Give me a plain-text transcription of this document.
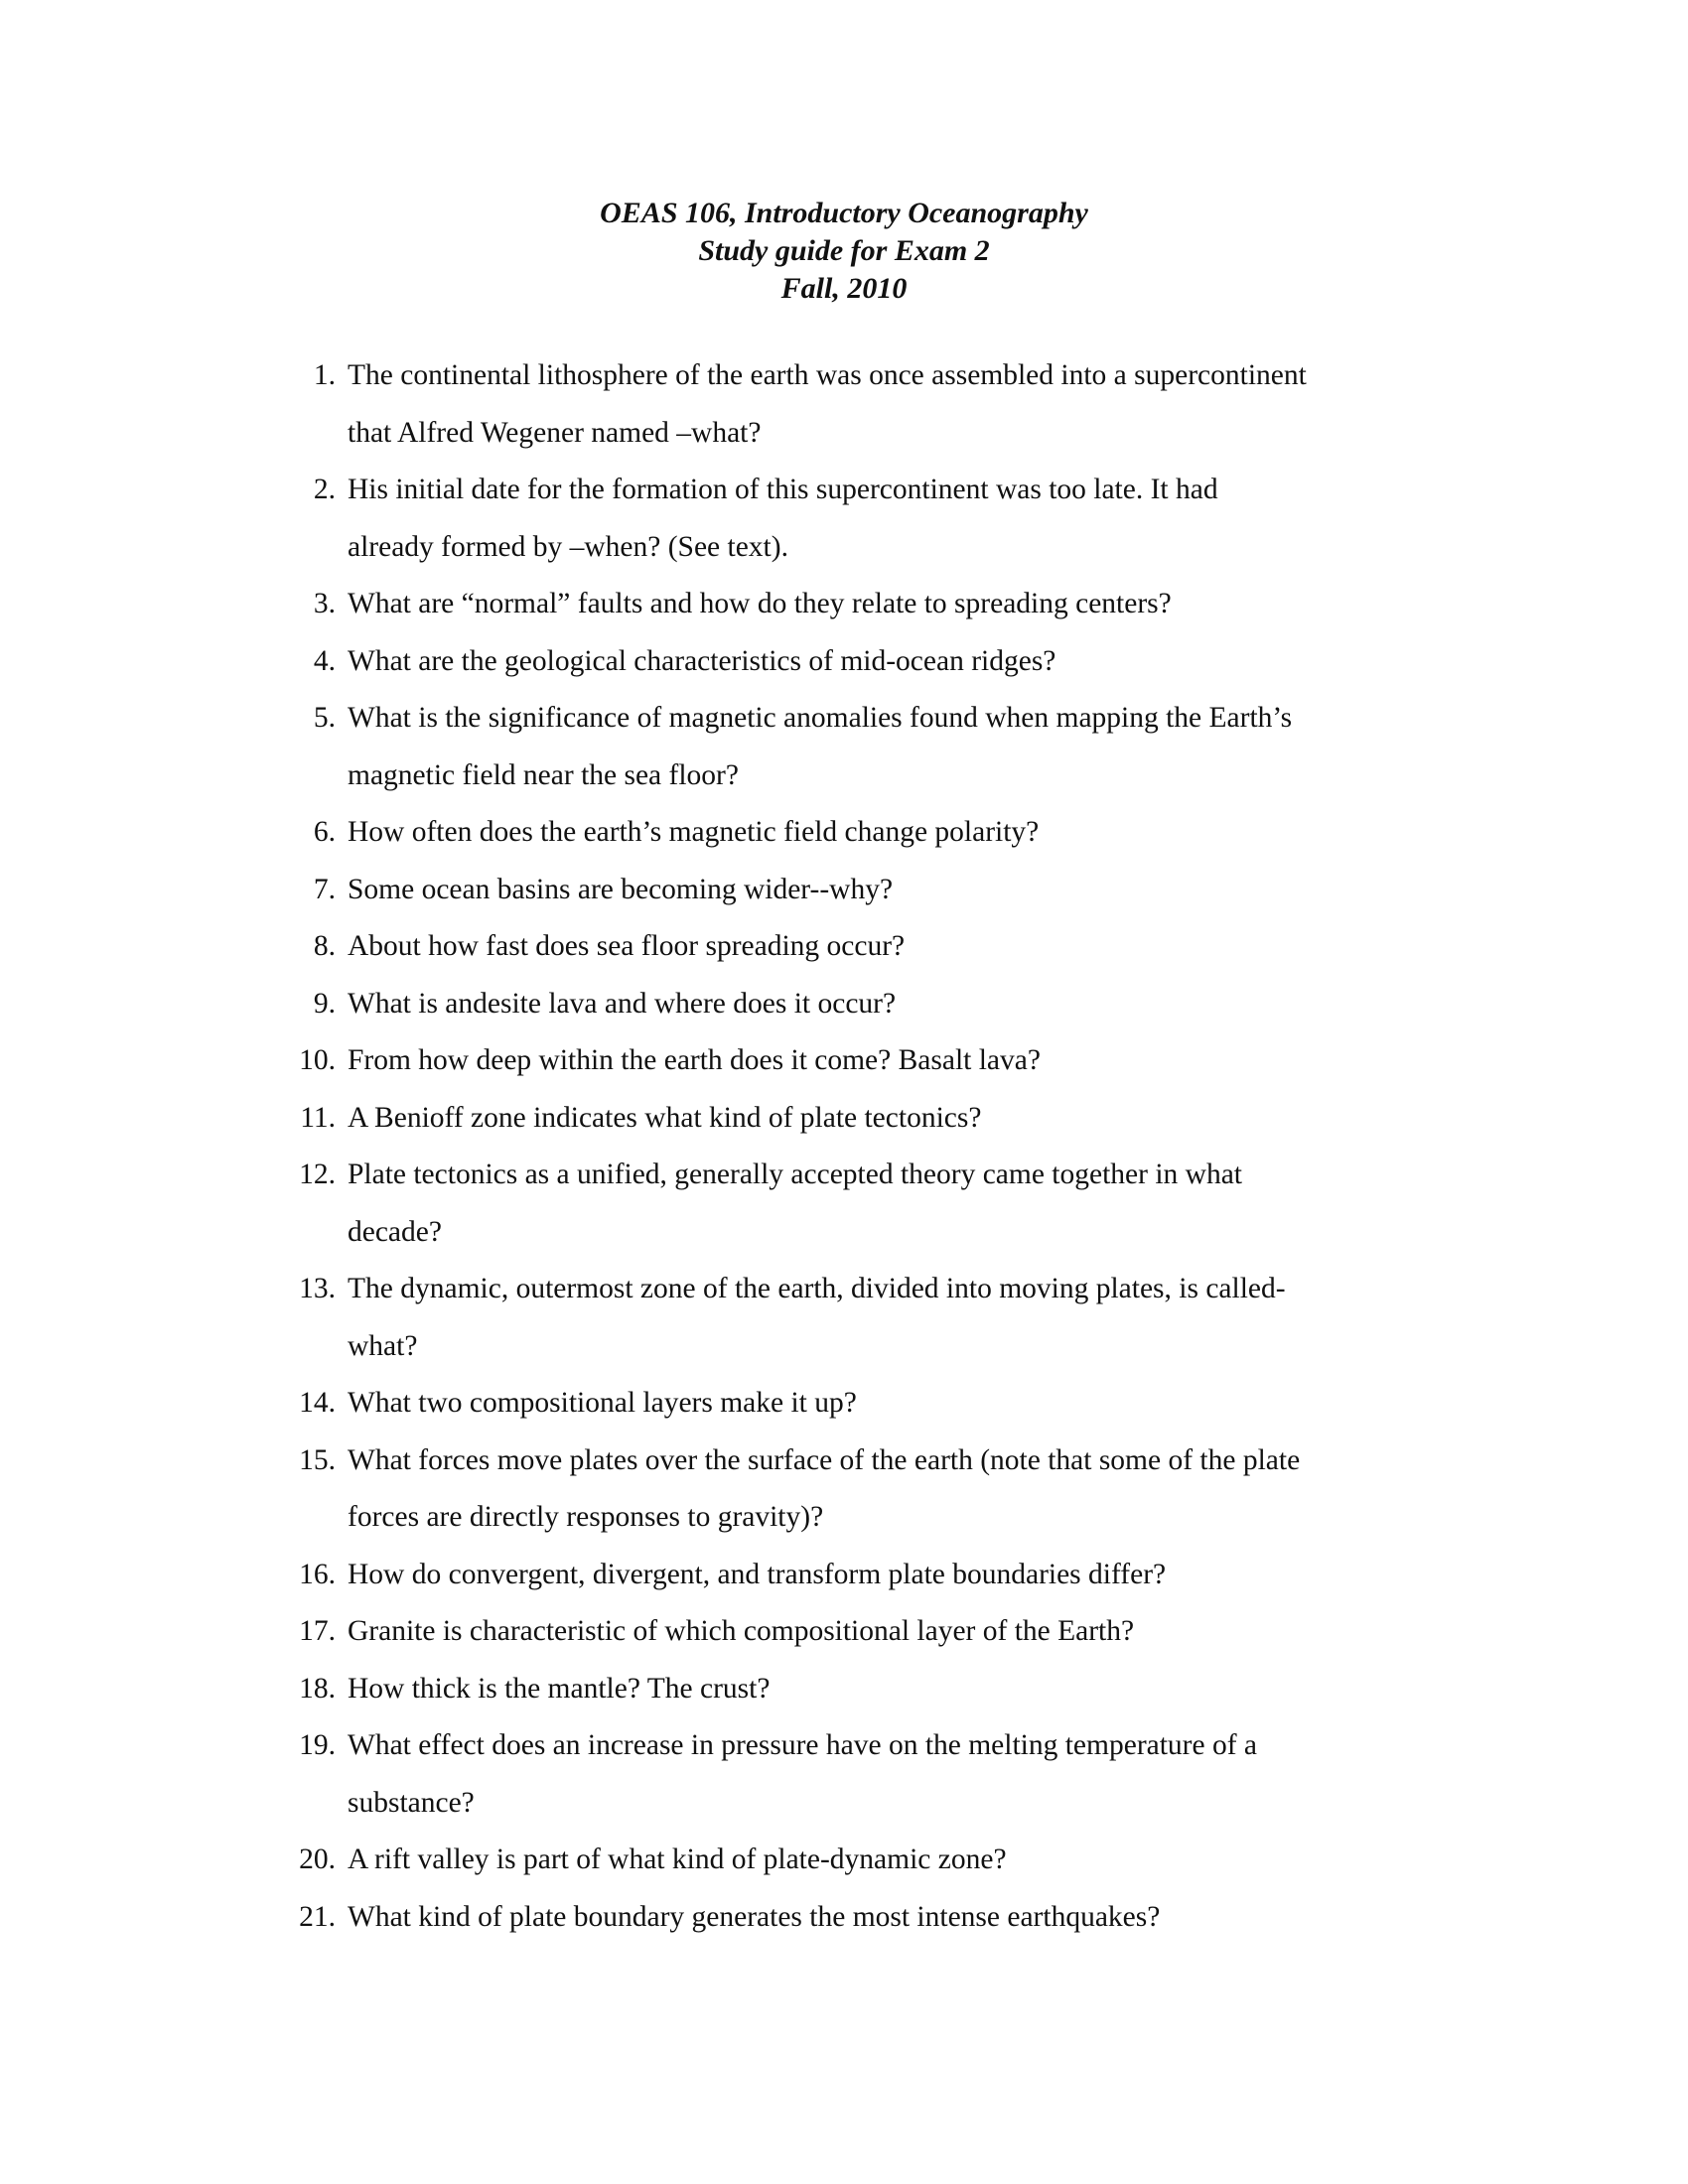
OEAS 106, Introductory Oceanography
Study guide for Exam 2
Fall, 2010
1. The continental lithosphere of the earth was once assembled into a supercontinent
that Alfred Wegener named –what?
2. His initial date for the formation of this supercontinent was too late. It had
already formed by –when? (See text).
3. What are “normal” faults and how do they relate to spreading centers?
4. What are the geological characteristics of mid-ocean ridges?
5. What is the significance of magnetic anomalies found when mapping the Earth’s
magnetic field near the sea floor?
6. How often does the earth’s magnetic field change polarity?
7. Some ocean basins are becoming wider--why?
8. About how fast does sea floor spreading occur?
9. What is andesite lava and where does it occur?
10. From how deep within the earth does it come? Basalt lava?
11. A Benioff zone indicates what kind of plate tectonics?
12. Plate tectonics as a unified, generally accepted theory came together in what
decade?
13. The dynamic, outermost zone of the earth, divided into moving plates, is called-
what?
14. What two compositional layers make it up?
15. What forces move plates over the surface of the earth (note that some of the plate
forces are directly responses to gravity)?
16. How do convergent, divergent, and transform plate boundaries differ?
17. Granite is characteristic of which compositional layer of the Earth?
18. How thick is the mantle? The crust?
19. What effect does an increase in pressure have on the melting temperature of a
substance?
20. A rift valley is part of what kind of plate-dynamic zone?
21. What kind of plate boundary generates the most intense earthquakes?
